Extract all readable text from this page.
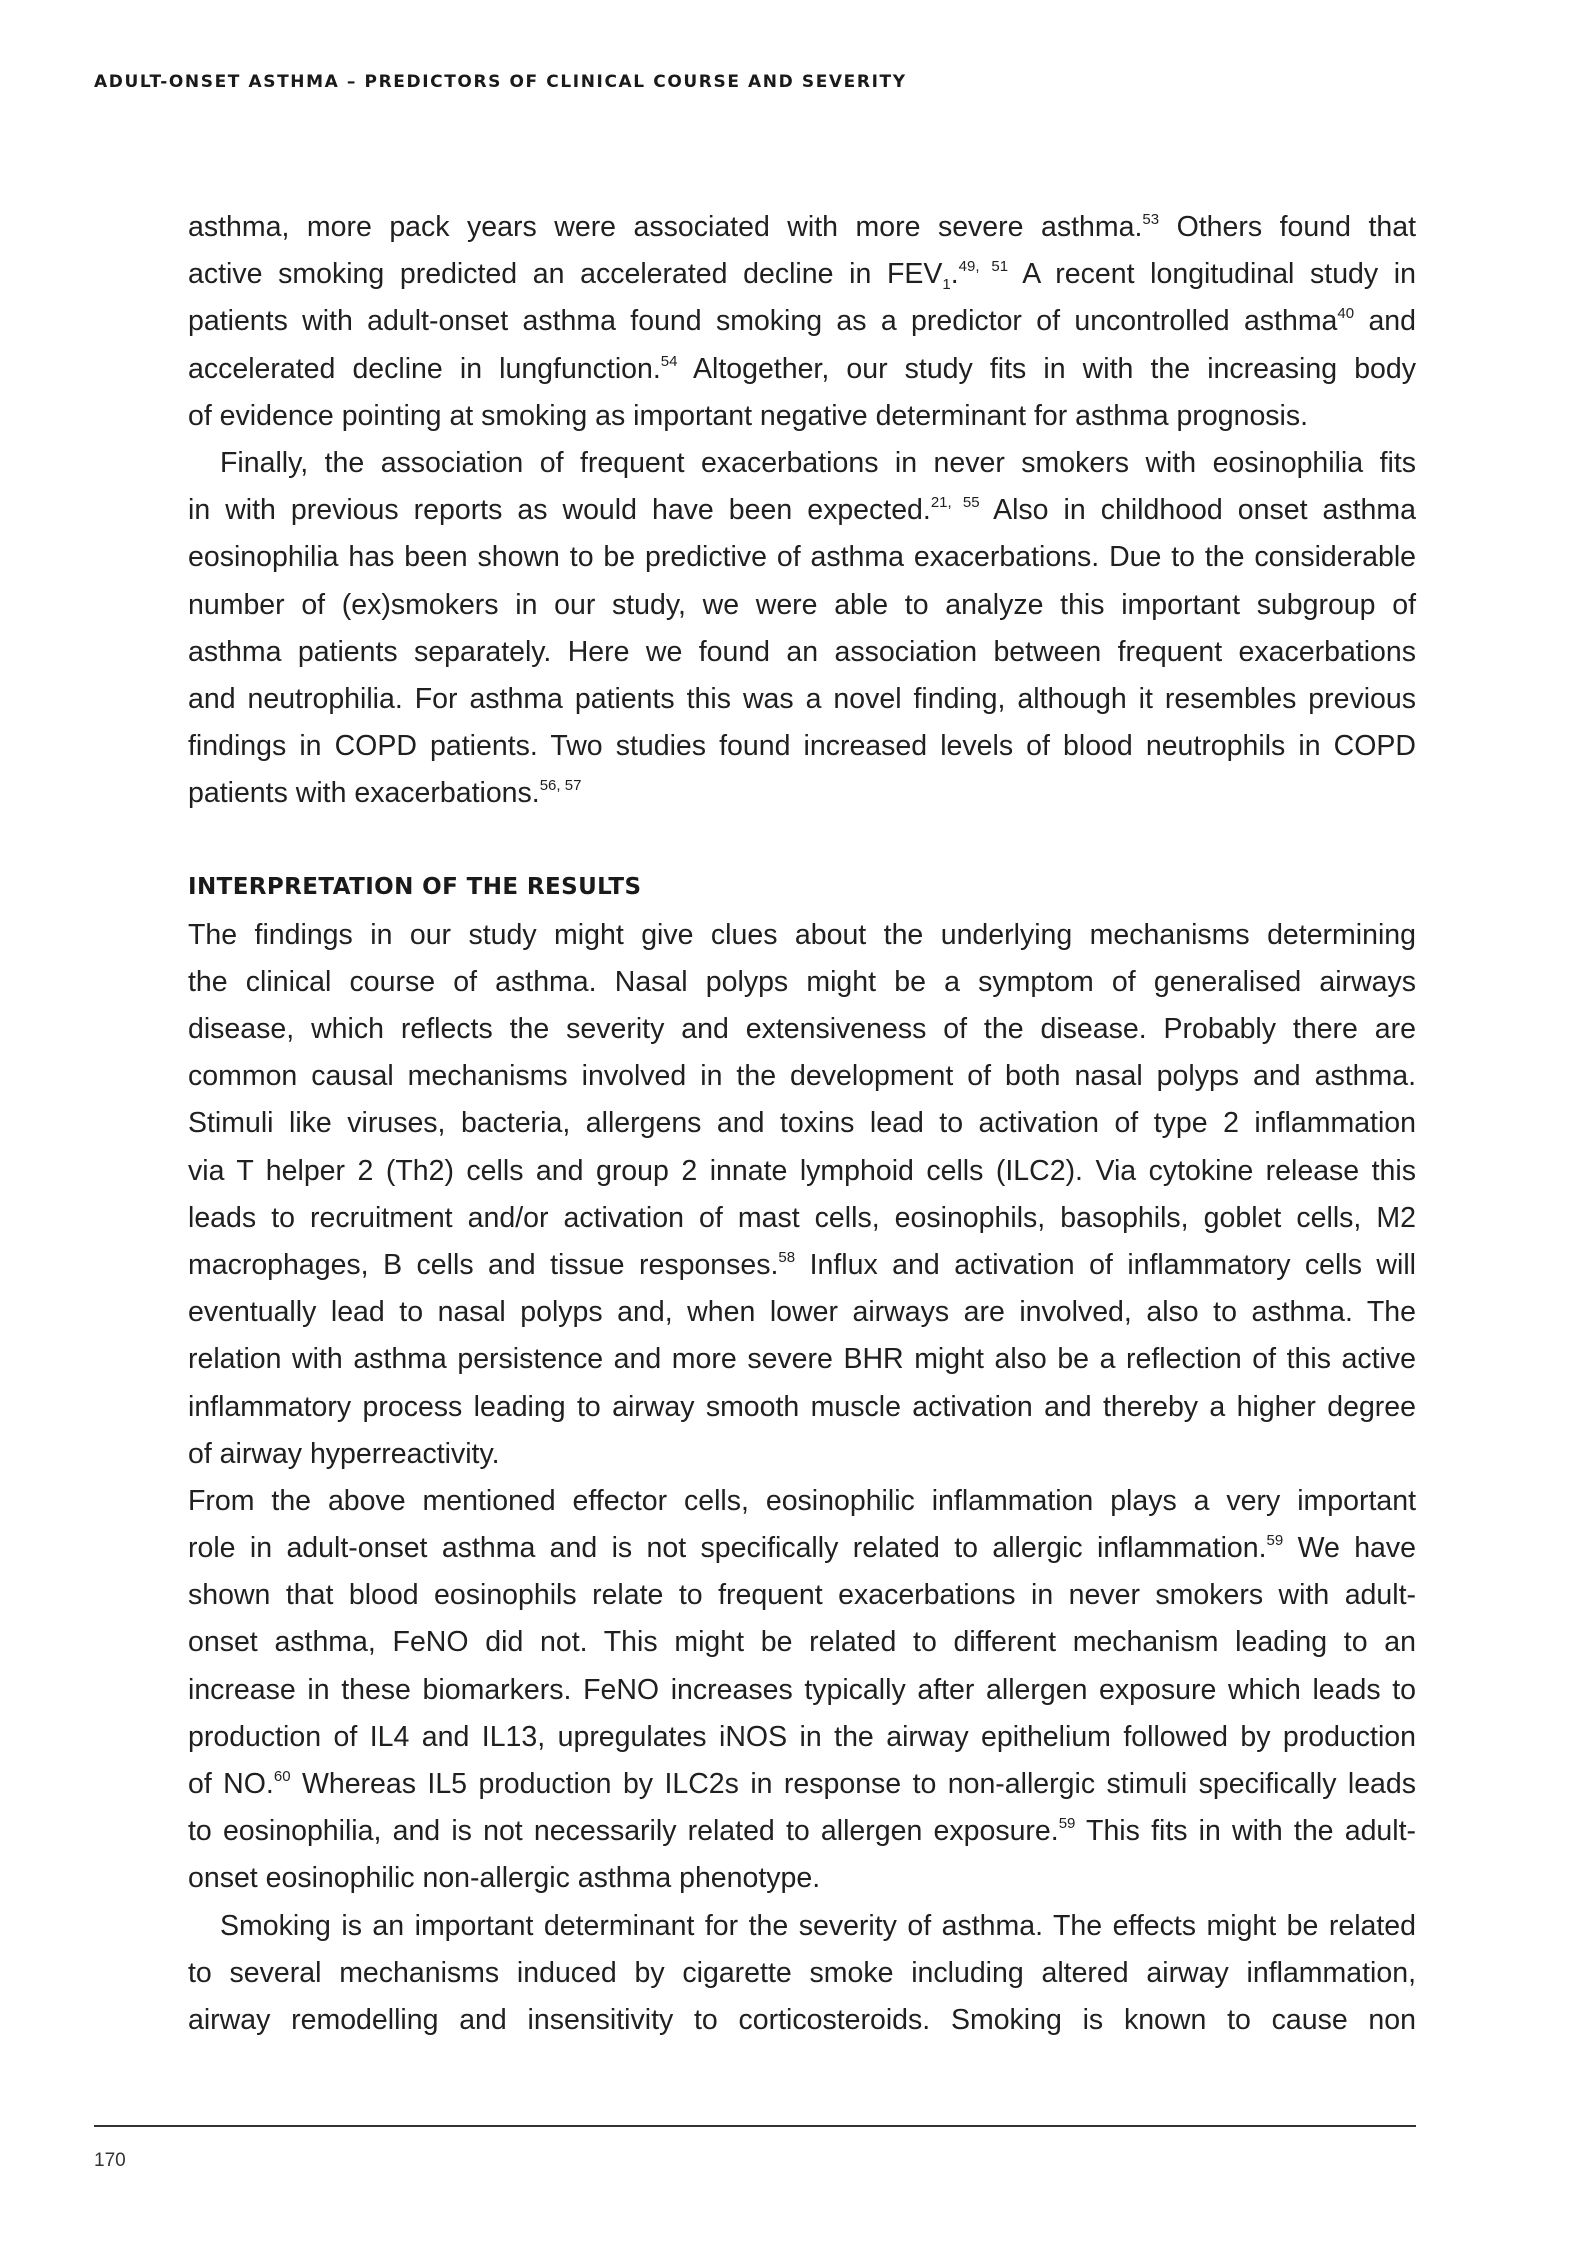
ADULT-ONSET ASTHMA – PREDICTORS OF CLINICAL COURSE AND SEVERITY
asthma, more pack years were associated with more severe asthma.$^{53}$ Others found that
active smoking predicted an accelerated decline in $FEV_1.^{49, 51}$ A recent longitudinal study in
patients with adult-onset asthma found smoking as a predictor of uncontrolled asthma$^{40}$ and
accelerated decline in lungfunction.$^{54}$ Altogether, our study fits in with the increasing body
of evidence pointing at smoking as important negative determinant for asthma prognosis.
Finally, the association of frequent exacerbations in never smokers with eosinophilia fits
in with previous reports as would have been expected.$^{21, 55}$ Also in childhood onset asthma
eosinophilia has been shown to be predictive of asthma exacerbations. Due to the considerable
number of (ex)smokers in our study, we were able to analyze this important subgroup of
asthma patients separately. Here we found an association between frequent exacerbations
and neutrophilia. For asthma patients this was a novel finding, although it resembles previous
findings in COPD patients. Two studies found increased levels of blood neutrophils in COPD
patients with exacerbations.$^{56, 57}$
INTERPRETATION OF THE RESULTS
The findings in our study might give clues about the underlying mechanisms determining
the clinical course of asthma. Nasal polyps might be a symptom of generalised airways
disease, which reflects the severity and extensiveness of the disease. Probably there are
common causal mechanisms involved in the development of both nasal polyps and asthma.
Stimuli like viruses, bacteria, allergens and toxins lead to activation of type 2 inflammation
via T helper 2 (Th2) cells and group 2 innate lymphoid cells (ILC2). Via cytokine release this
leads to recruitment and/or activation of mast cells, eosinophils, basophils, goblet cells, M2
macrophages, B cells and tissue responses.$^{58}$ Influx and activation of inflammatory cells will
eventually lead to nasal polyps and, when lower airways are involved, also to asthma. The
relation with asthma persistence and more severe BHR might also be a reflection of this active
inflammatory process leading to airway smooth muscle activation and thereby a higher degree
of airway hyperreactivity.
From the above mentioned effector cells, eosinophilic inflammation plays a very important
role in adult-onset asthma and is not specifically related to allergic inflammation.$^{59}$ We have
shown that blood eosinophils relate to frequent exacerbations in never smokers with adult-
onset asthma, FeNO did not. This might be related to different mechanism leading to an
increase in these biomarkers. FeNO increases typically after allergen exposure which leads to
production of IL4 and IL13, upregulates iNOS in the airway epithelium followed by production
of NO.$^{60}$ Whereas IL5 production by ILC2s in response to non-allergic stimuli specifically leads
to eosinophilia, and is not necessarily related to allergen exposure.$^{59}$ This fits in with the adult-
onset eosinophilic non-allergic asthma phenotype.
Smoking is an important determinant for the severity of asthma. The effects might be related
to several mechanisms induced by cigarette smoke including altered airway inflammation,
airway remodelling and insensitivity to corticosteroids. Smoking is known to cause non
170
